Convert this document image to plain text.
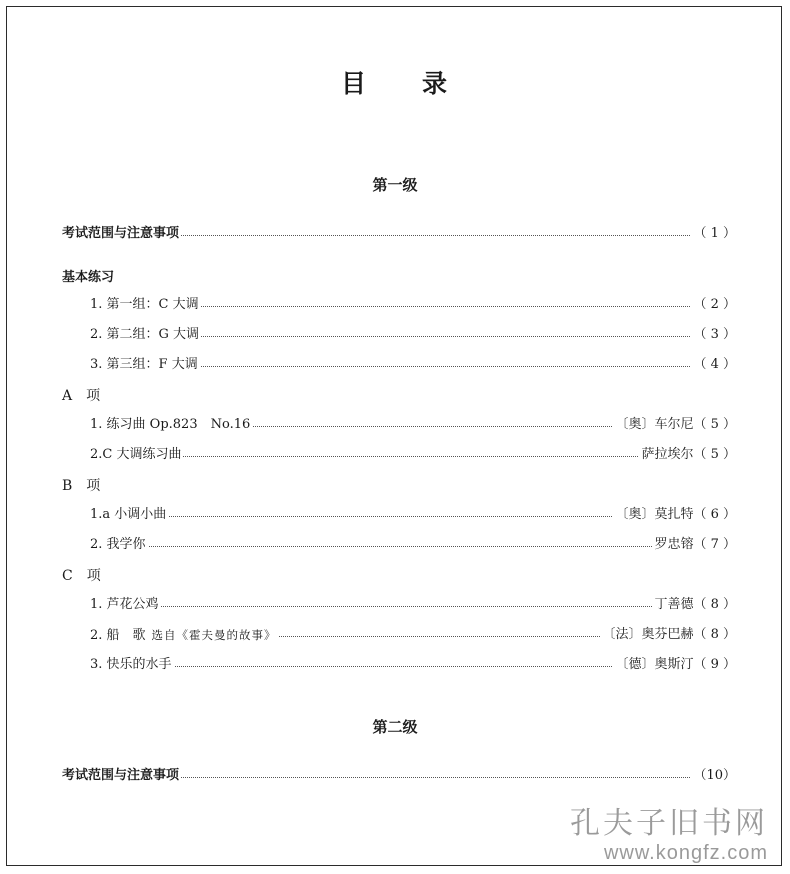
目　　录
第一级
考试范围与注意事项	（ 1 ）
基本练习
1. 第一组：C 大调	（ 2 ）
2. 第二组：G 大调	（ 3 ）
3. 第三组：F 大调	（ 4 ）
A　项
1. 练习曲 Op.823　No.16	〔奥〕车尔尼（ 5 ）
2.C 大调练习曲	萨拉埃尔（ 5 ）
B　项
1.a 小调小曲	〔奥〕莫扎特（ 6 ）
2. 我学你	罗忠镕（ 7 ）
C　项
1. 芦花公鸡	丁善德（ 8 ）
2. 船　歌 选自《霍夫曼的故事》	〔法〕奥芬巴赫（ 8 ）
3. 快乐的水手	〔德〕奥斯汀（ 9 ）
第二级
考试范围与注意事项	（10）
孔夫子旧书网
www.kongfz.com
